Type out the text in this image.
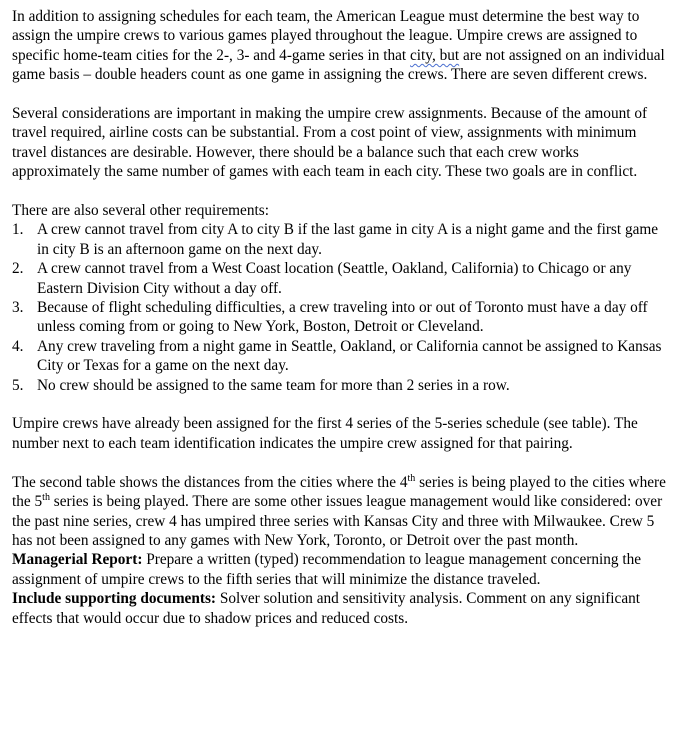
In addition to assigning schedules for each team, the American League must determine the best way to assign the umpire crews to various games played throughout the league. Umpire crews are assigned to specific home-team cities for the 2-, 3- and 4-game series in that city, but are not assigned on an individual game basis – double headers count as one game in assigning the crews. There are seven different crews.

Several considerations are important in making the umpire crew assignments. Because of the amount of travel required, airline costs can be substantial. From a cost point of view, assignments with minimum travel distances are desirable. However, there should be a balance such that each crew works approximately the same number of games with each team in each city. These two goals are in conflict.

There are also several other requirements:

1. A crew cannot travel from city A to city B if the last game in city A is a night game and the first game in city B is an afternoon game on the next day.
2. A crew cannot travel from a West Coast location (Seattle, Oakland, California) to Chicago or any Eastern Division City without a day off.
3. Because of flight scheduling difficulties, a crew traveling into or out of Toronto must have a day off unless coming from or going to New York, Boston, Detroit or Cleveland.
4. Any crew traveling from a night game in Seattle, Oakland, or California cannot be assigned to Kansas City or Texas for a game on the next day.
5. No crew should be assigned to the same team for more than 2 series in a row.

Umpire crews have already been assigned for the first 4 series of the 5-series schedule (see table). The number next to each team identification indicates the umpire crew assigned for that pairing.

The second table shows the distances from the cities where the 4th series is being played to the cities where the 5th series is being played. There are some other issues league management would like considered: over the past nine series, crew 4 has umpired three series with Kansas City and three with Milwaukee. Crew 5 has not been assigned to any games with New York, Toronto, or Detroit over the past month.

Managerial Report: Prepare a written (typed) recommendation to league management concerning the assignment of umpire crews to the fifth series that will minimize the distance traveled.

Include supporting documents: Solver solution and sensitivity analysis. Comment on any significant effects that would occur due to shadow prices and reduced costs.
